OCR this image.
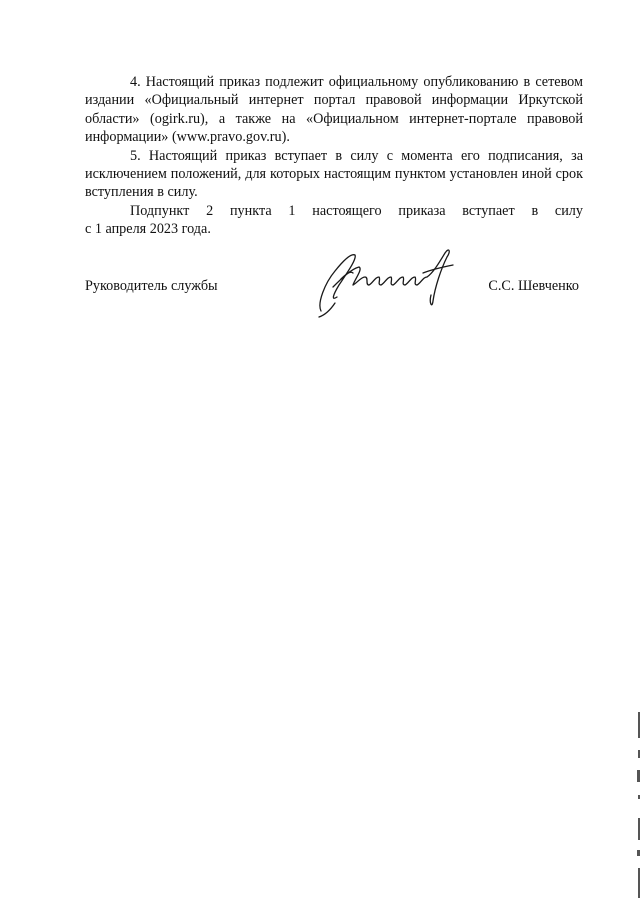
4. Настоящий приказ подлежит официальному опубликованию в сетевом издании «Официальный интернет портал правовой информации Иркутской области» (ogirk.ru), а также на «Официальном интернет-портале правовой информации» (www.pravo.gov.ru).

5. Настоящий приказ вступает в силу с момента его подписания, за исключением положений, для которых настоящим пунктом установлен иной срок вступления в силу.

Подпункт 2 пункта 1 настоящего приказа вступает в силу

с 1 апреля 2023 года.

Руководитель службы	С.С. Шевченко
